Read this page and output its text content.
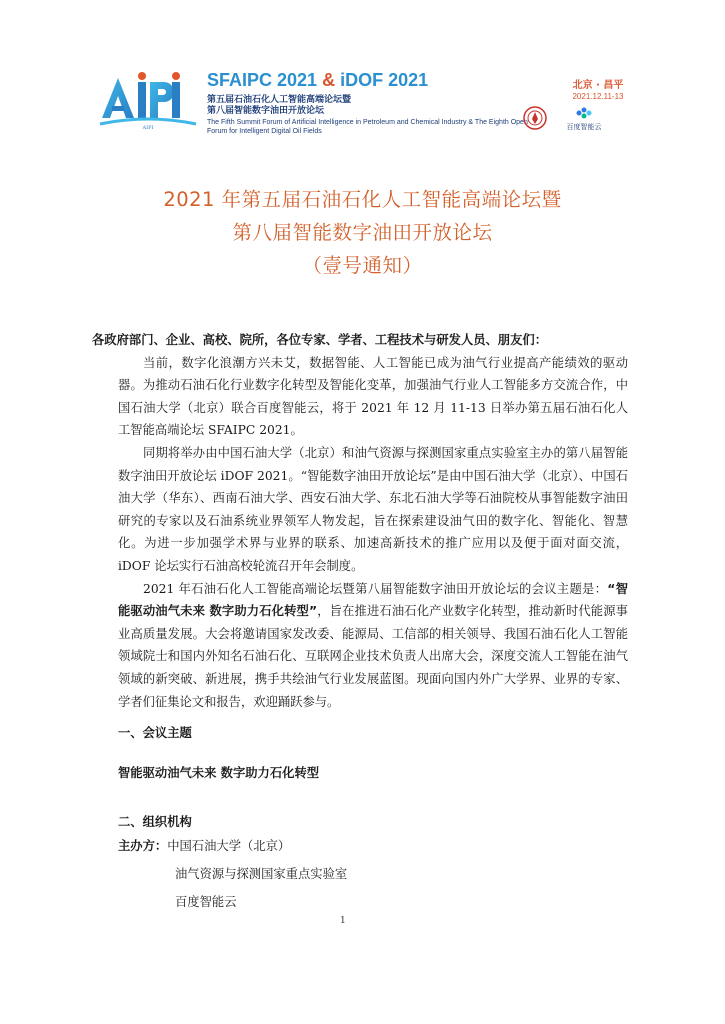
AIPI
SFAIPC 2021 & iDOF 2021
第五届石油石化人工智能高端论坛暨
第八届智能数字油田开放论坛
The Fifth Summit Forum of Artificial Intelligence in Petroleum and Chemical Industry & The Eighth Open Forum for Intelligent Digital Oil Fields
北京 · 昌平
2021.12.11-13
百度智能云
2021 年第五届石油石化人工智能高端论坛暨
第八届智能数字油田开放论坛
（壹号通知）
各政府部门、企业、高校、院所，各位专家、学者、工程技术与研发人员、朋友们：

当前，数字化浪潮方兴未艾，数据智能、人工智能已成为油气行业提高产能绩效的驱动器。为推动石油石化行业数字化转型及智能化变革，加强油气行业人工智能多方交流合作，中国石油大学（北京）联合百度智能云，将于 2021 年 12 月 11-13 日举办第五届石油石化人工智能高端论坛 SFAIPC 2021。

同期将举办由中国石油大学（北京）和油气资源与探测国家重点实验室主办的第八届智能数字油田开放论坛 iDOF 2021。“智能数字油田开放论坛”是由中国石油大学（北京）、中国石油大学（华东）、西南石油大学、西安石油大学、东北石油大学等石油院校从事智能数字油田研究的专家以及石油系统业界领军人物发起，旨在探索建设油气田的数字化、智能化、智慧化。为进一步加强学术界与业界的联系、加速高新技术的推广应用以及便于面对面交流，iDOF 论坛实行石油高校轮流召开年会制度。

2021 年石油石化人工智能高端论坛暨第八届智能数字油田开放论坛的会议主题是：“智能驱动油气未来 数字助力石化转型”，旨在推进石油石化产业数字化转型，推动新时代能源事业高质量发展。大会将邀请国家发改委、能源局、工信部的相关领导、我国石油石化人工智能领域院士和国内外知名石油石化、互联网企业技术负责人出席大会，深度交流人工智能在油气领域的新突破、新进展，携手共绘油气行业发展蓝图。现面向国内外广大学界、业界的专家、学者们征集论文和报告，欢迎踊跃参与。

一、会议主题
智能驱动油气未来 数字助力石化转型
二、组织机构
主办方：中国石油大学（北京）
油气资源与探测国家重点实验室
百度智能云
1
